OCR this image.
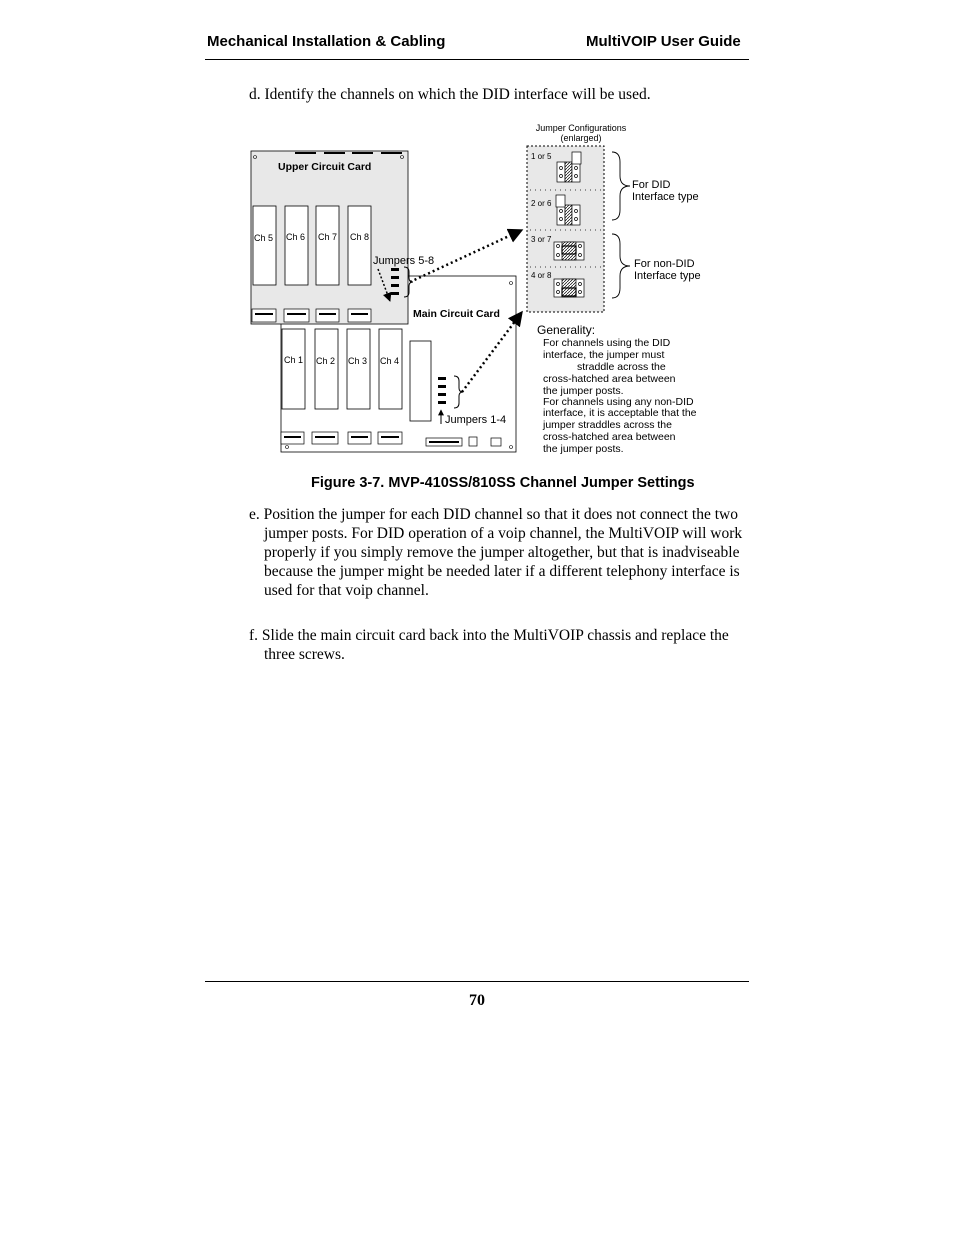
Mechanical Installation & Cabling	MultiVOIP User Guide
d. Identify the channels on which the DID interface will be used.
Ch 1 Ch 2 Ch 3 Ch 4
Main Circuit Card
Jumpers 1-4
Upper Circuit Card
Ch 5 Ch 6 Ch 7 Ch 8
Jumpers 5-8
Jumper Configurations
(enlarged)
1 or 5
2 or 6
3 or 7
4 or 8
For DID
Interface type
For non-DID
Interface type
Generality:
For channels using the DID
interface, the jumper must
straddle across the
cross-hatched area between
the jumper posts.
For channels using any non-DID
interface, it is acceptable that the
jumper straddles across the
cross-hatched area between
the jumper posts.
Figure 3-7. MVP-410SS/810SS Channel Jumper Settings
e. Position the jumper for each DID channel so that it does not connect the two jumper posts. For DID operation of a voip channel, the MultiVOIP will work properly if you simply remove the jumper altogether, but that is inadviseable because the jumper might be needed later if a different telephony interface is used for that voip channel.
f. Slide the main circuit card back into the MultiVOIP chassis and replace the three screws.
70
